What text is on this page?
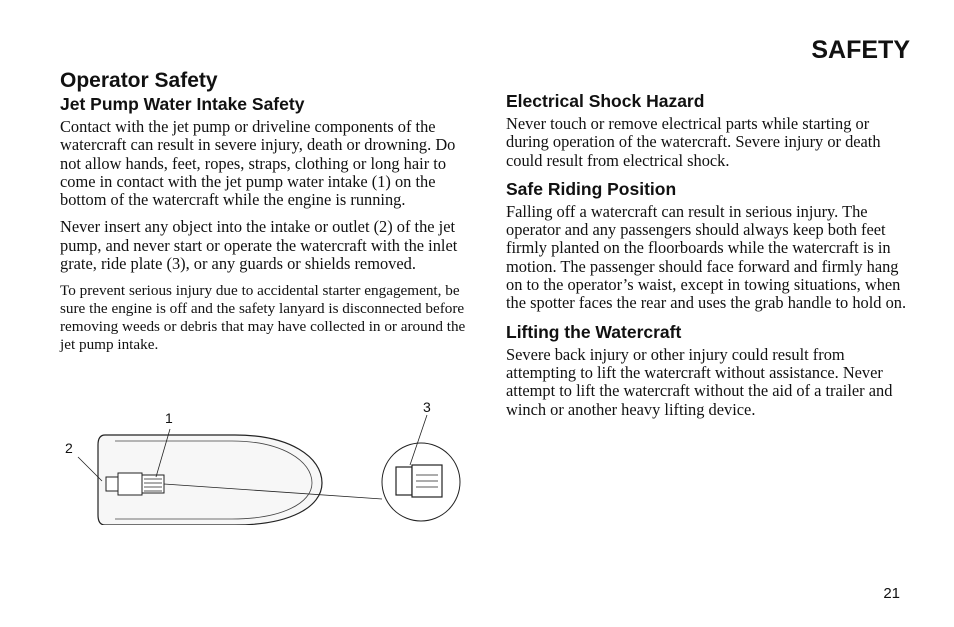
SAFETY
Operator Safety
Jet Pump Water Intake Safety

Contact with the jet pump or driveline components of the watercraft can result in severe injury, death or drowning. Do not allow hands, feet, ropes, straps, clothing or long hair to come in contact with the jet pump water intake (1) on the bottom of the watercraft while the engine is running.

Never insert any object into the intake or outlet (2) of the jet pump, and never start or operate the watercraft with the inlet grate, ride plate (3), or any guards or shields removed.

To prevent serious injury due to accidental starter engagement, be sure the engine is off and the safety lanyard is disconnected before removing weeds or debris that may have collected in or around the jet pump intake.

1
2
3
Electrical Shock Hazard

Never touch or remove electrical parts while starting or during operation of the watercraft. Severe injury or death could result from electrical shock.

Safe Riding Position

Falling off a watercraft can result in serious injury. The operator and any passengers should always keep both feet firmly planted on the floorboards while the watercraft is in motion. The passenger should face forward and firmly hang on to the operator’s waist, except in towing situations, when the spotter faces the rear and uses the grab handle to hold on.

Lifting the Watercraft

Severe back injury or other injury could result from attempting to lift the watercraft without assistance. Never attempt to lift the watercraft without the aid of a trailer and winch or another heavy lifting device.

21
